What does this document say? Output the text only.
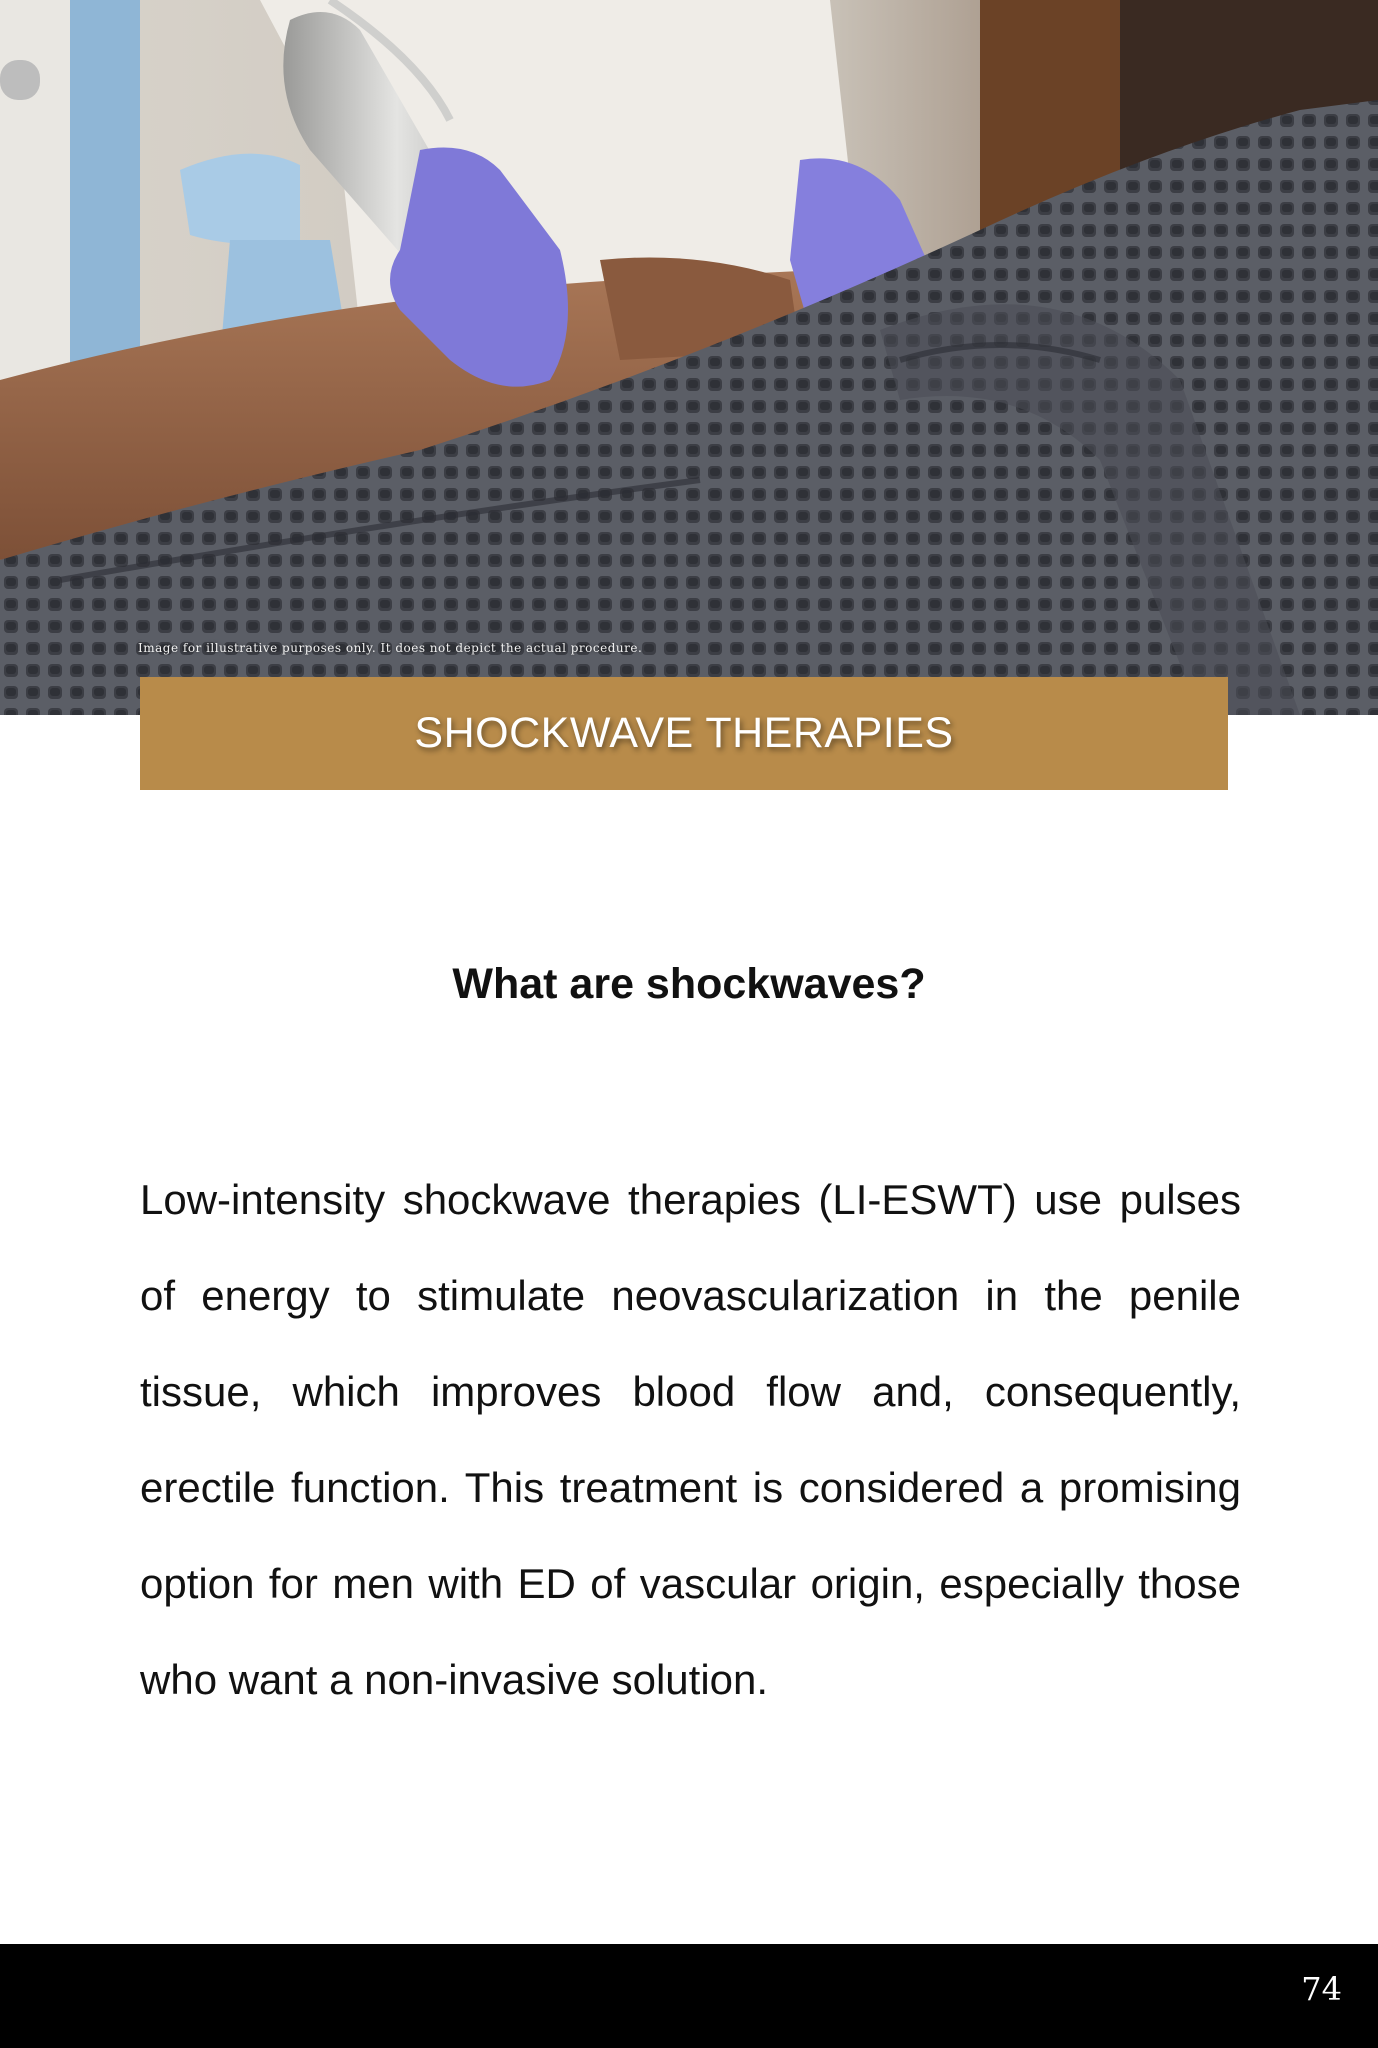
Image for illustrative purposes only. It does not depict the actual procedure.
SHOCKWAVE THERAPIES
What are shockwaves?

Low-intensity shockwave therapies (LI-ESWT) use pulses of energy to stimulate neovascularization in the penile tissue, which improves blood flow and, consequently, erectile function. This treatment is considered a promising option for men with ED of vascular origin, especially those who want a non-invasive solution.

74
